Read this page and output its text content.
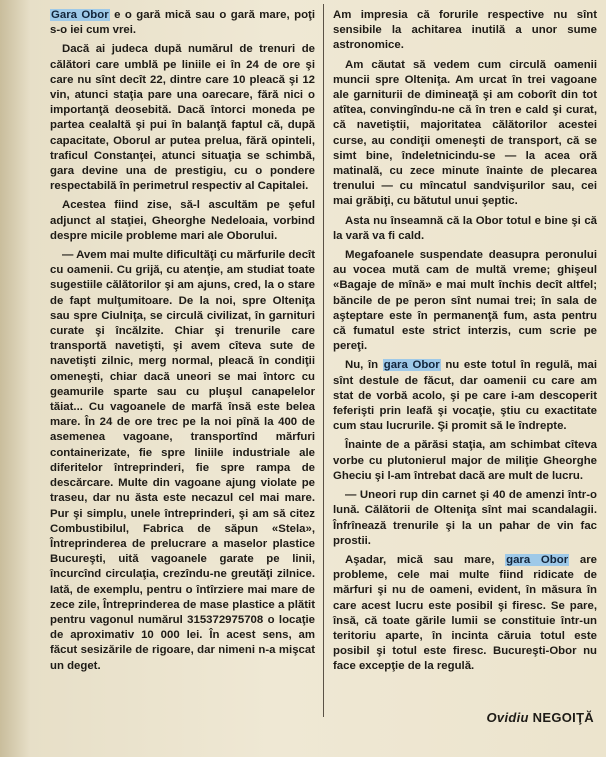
Gara Obor e o gară mică sau o gară mare, poţi s-o iei cum vrei.

Dacă ai judeca după numărul de trenuri de călători care umblă pe liniile ei în 24 de ore şi care nu sînt decît 22, dintre care 10 pleacă şi 12 vin, atunci staţia pare una oarecare, fără nici o importanţă deosebită. Dacă întorci moneda pe partea cealaltă şi pui în balanţă faptul că, după capacitate, Oborul ar putea prelua, fără opinteli, traficul Constanţei, atunci situaţia se schimbă, gara devine una de prestigiu, cu o pondere respectabilă în perimetrul respectiv al Capitalei.

Acestea fiind zise, să-l ascultăm pe şeful adjunct al staţiei, Gheorghe Nedeloaia, vorbind despre micile probleme mari ale Oborului.

— Avem mai multe dificultăţi cu mărfurile decît cu oamenii. Cu grijă, cu atenţie, am studiat toate sugestiile călătorilor şi am ajuns, cred, la o stare de fapt mulţumitoare. De la noi, spre Olteniţa sau spre Ciulniţa, se circulă civilizat, în garnituri curate şi încălzite. Chiar şi trenurile care transportă navetişti, şi avem cîteva sute de navetişti zilnic, merg normal, pleacă în condiţii omeneşti, chiar dacă uneori se mai întorc cu geamurile sparte sau cu pluşul canapelelor tăiat... Cu vagoanele de marfă însă este belea mare. În 24 de ore trec pe la noi pînă la 400 de asemenea vagoane, transportînd mărfuri containerizate, fie spre liniile industriale ale diferitelor întreprinderi, fie spre rampa de descărcare. Multe din vagoane ajung violate pe traseu, dar nu ăsta este necazul cel mai mare. Pur şi simplu, unele întreprinderi, şi am să citez Combustibilul, Fabrica de săpun «Stela», Întreprinderea de prelucrare a maselor plastice Bucureşti, uită vagoanele garate pe linii, încurcînd circulaţia, crezîndu-ne greutăţi zilnice. Iată, de exemplu, pentru o întîrziere mai mare de zece zile, Întreprinderea de mase plastice a plătit pentru vagonul numărul 315372975708 o locaţie de aproximativ 10 000 lei. În acest sens, am făcut sesizările de rigoare, dar nimeni n-a mişcat un deget.

Am impresia că forurile respective nu sînt sensibile la achitarea inutilă a unor sume astronomice.

Am căutat să vedem cum circulă oamenii muncii spre Olteniţa. Am urcat în trei vagoane ale garniturii de dimineaţă şi am coborît din tot atîtea, convingîndu-ne că în tren e cald şi curat, că navetiştii, majoritatea călătorilor acestei curse, au condiţii omeneşti de transport, că se simt bine, îndeletnicindu-se — la acea oră matinală, cu zece minute înainte de plecarea trenului — cu mîncatul sandvişurilor sau, cei mai grăbiţi, cu bătutul unui şeptic.

Asta nu înseamnă că la Obor totul e bine şi că la vară va fi cald.

Megafoanele suspendate deasupra peronului au vocea mută cam de multă vreme; ghişeul «Bagaje de mînă» e mai mult închis decît altfel; băncile de pe peron sînt numai trei; în sala de aşteptare este în permanenţă fum, asta pentru că fumatul este strict interzis, cum scrie pe pereţi.

Nu, în gara Obor nu este totul în regulă, mai sînt destule de făcut, dar oamenii cu care am stat de vorbă acolo, şi pe care i-am descoperit feferişti prin leafă şi vocaţie, ştiu cu exactitate cum stau lucrurile. Şi promit să le îndrepte.

Înainte de a părăsi staţia, am schimbat cîteva vorbe cu plutonierul major de miliţie Gheorghe Gheciu şi l-am întrebat dacă are mult de lucru.

— Uneori rup din carnet şi 40 de amenzi într-o lună. Călătorii de Olteniţa sînt mai scandalagii. Înfrînează trenurile şi la un pahar de vin fac prostii.

Aşadar, mică sau mare, gara Obor are probleme, cele mai multe fiind ridicate de mărfuri şi nu de oameni, evident, în măsura în care acest lucru este posibil şi firesc. Se pare, însă, că toate gările lumii se constituie într-un teritoriu aparte, în incinta căruia totul este posibil şi totul este firesc. Bucureşti-Obor nu face excepţie de la regulă.

Ovidiu NEGOIŢĂ
